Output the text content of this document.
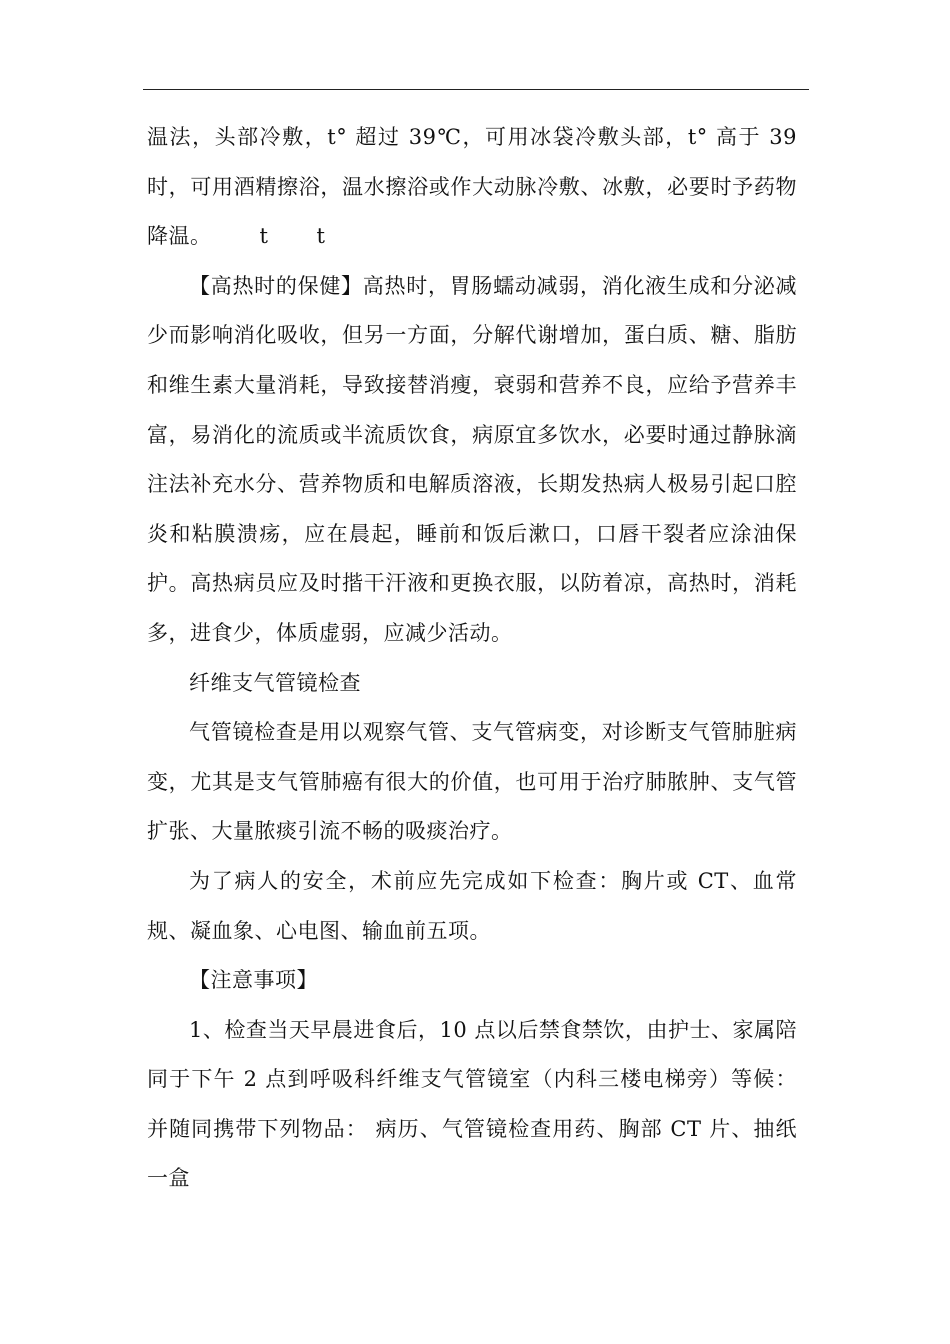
温法，头部冷敷，t° 超过 39℃，可用冰袋冷敷头部，t° 高于 39 时，可用酒精擦浴，温水擦浴或作大动脉冷敷、冰敷，必要时予药物降温。 t t

【高热时的保健】高热时，胃肠蠕动减弱，消化液生成和分泌减少而影响消化吸收，但另一方面，分解代谢增加，蛋白质、糖、脂肪和维生素大量消耗，导致接替消瘦，衰弱和营养不良，应给予营养丰富，易消化的流质或半流质饮食，病原宜多饮水，必要时通过静脉滴注法补充水分、营养物质和电解质溶液，长期发热病人极易引起口腔炎和粘膜溃疡，应在晨起，睡前和饭后漱口，口唇干裂者应涂油保护。高热病员应及时揩干汗液和更换衣服，以防着凉，高热时，消耗多，进食少，体质虚弱，应减少活动。

纤维支气管镜检查

气管镜检查是用以观察气管、支气管病变，对诊断支气管肺脏病变，尤其是支气管肺癌有很大的价值，也可用于治疗肺脓肿、支气管扩张、大量脓痰引流不畅的吸痰治疗。

为了病人的安全，术前应先完成如下检查：胸片或 CT、血常规、凝血象、心电图、输血前五项。

【注意事项】

1、检查当天早晨进食后，10 点以后禁食禁饮，由护士、家属陪同于下午 2 点到呼吸科纤维支气管镜室（内科三楼电梯旁）等候：并随同携带下列物品： 病历、气管镜检查用药、胸部 CT 片、抽纸一盒
